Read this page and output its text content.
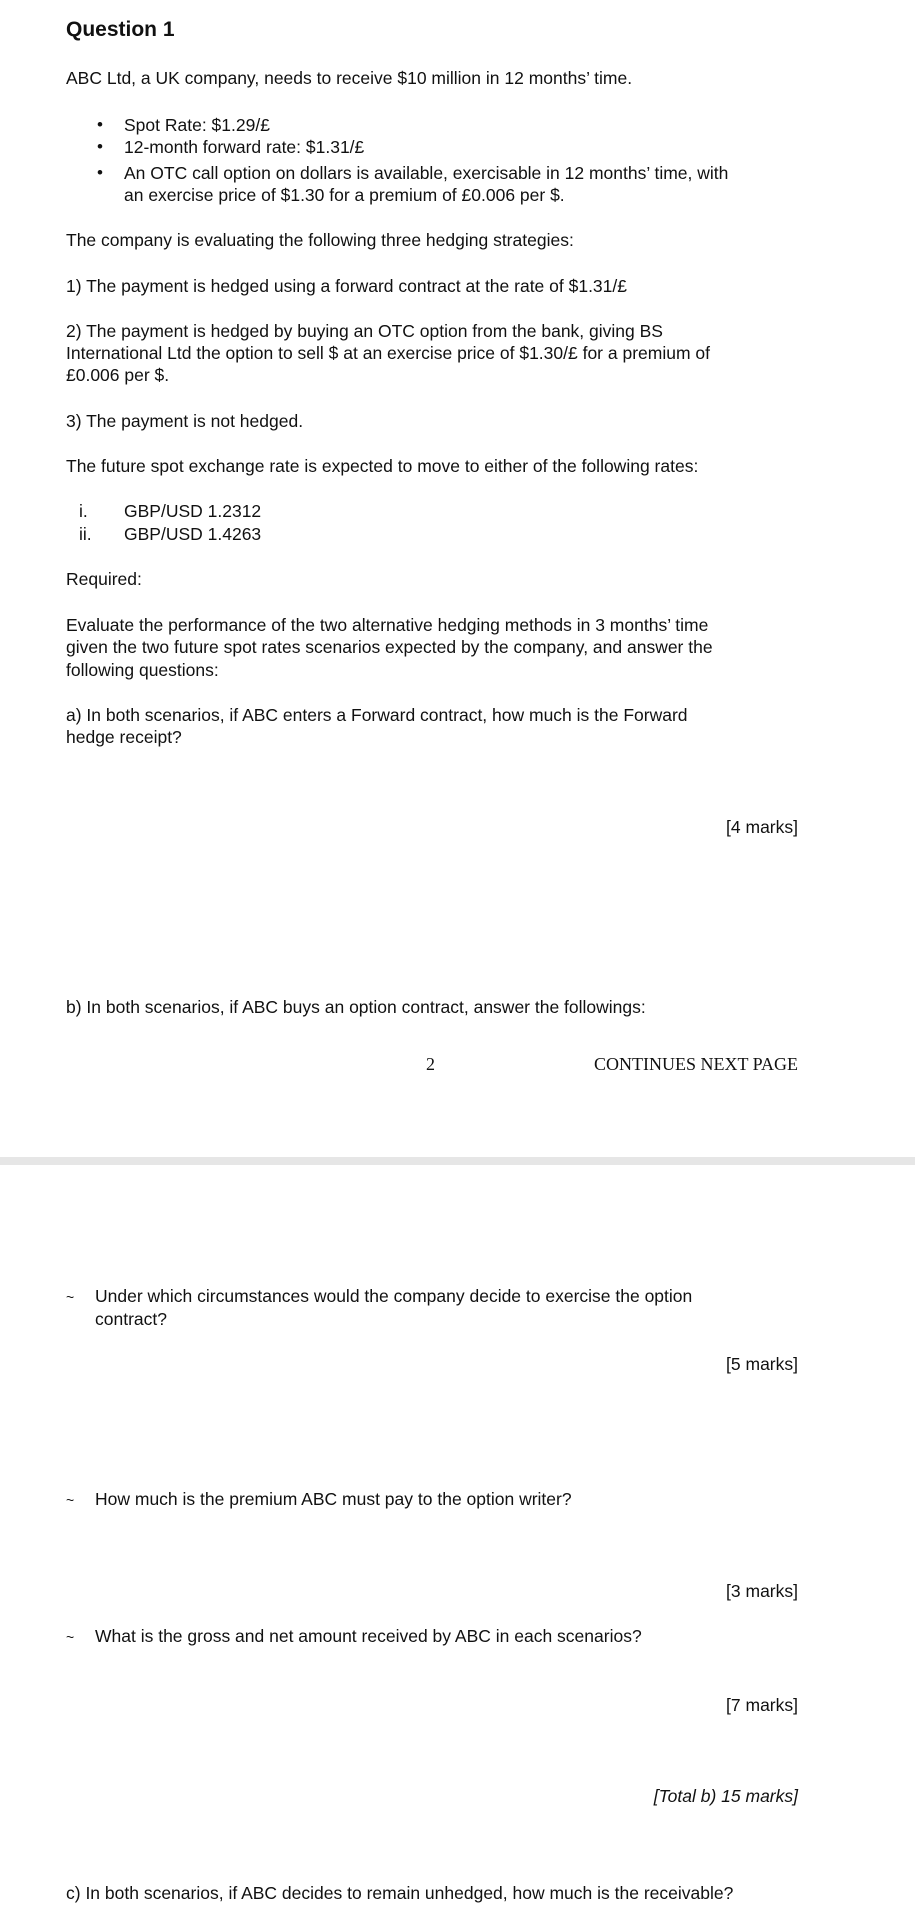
Question 1
ABC Ltd, a UK company, needs to receive $10 million in 12 months’ time.
• Spot Rate: $1.29/£
• 12-month forward rate: $1.31/£
• An OTC call option on dollars is available, exercisable in 12 months’ time, with
an exercise price of $1.30 for a premium of £0.006 per $.
The company is evaluating the following three hedging strategies:
1) The payment is hedged using a forward contract at the rate of $1.31/£
2) The payment is hedged by buying an OTC option from the bank, giving BS
International Ltd the option to sell $ at an exercise price of $1.30/£ for a premium of
£0.006 per $.
3) The payment is not hedged.
The future spot exchange rate is expected to move to either of the following rates:
i. GBP/USD 1.2312
ii. GBP/USD 1.4263
Required:
Evaluate the performance of the two alternative hedging methods in 3 months’ time
given the two future spot rates scenarios expected by the company, and answer the
following questions:
a) In both scenarios, if ABC enters a Forward contract, how much is the Forward
hedge receipt?
[4 marks]
b) In both scenarios, if ABC buys an option contract, answer the followings:
2	CONTINUES NEXT PAGE
~ Under which circumstances would the company decide to exercise the option
contract?
[5 marks]
~ How much is the premium ABC must pay to the option writer?
[3 marks]
~ What is the gross and net amount received by ABC in each scenarios?
[7 marks]
[Total b) 15 marks]
c) In both scenarios, if ABC decides to remain unhedged, how much is the receivable?
